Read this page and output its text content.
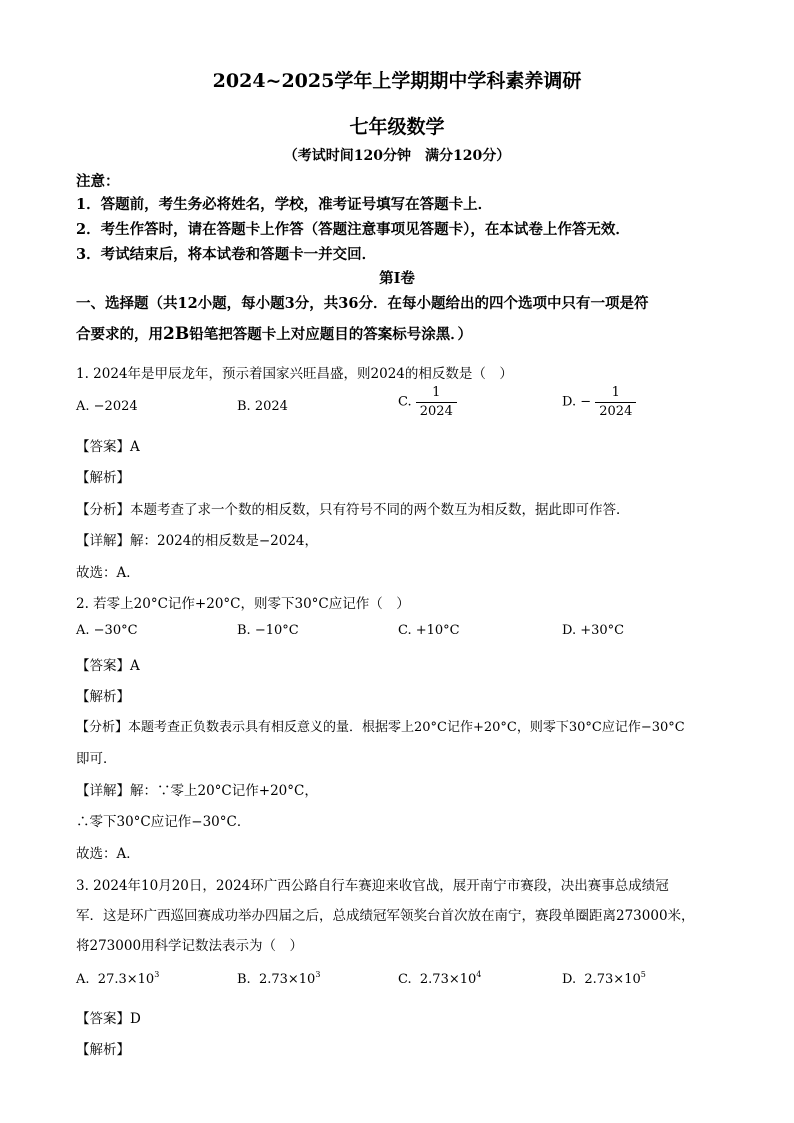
2024~2025学年上学期期中学科素养调研
七年级数学
（考试时间120分钟　满分120分）
注意：
1．答题前，考生务必将姓名，学校，准考证号填写在答题卡上．
2．考生作答时，请在答题卡上作答（答题注意事项见答题卡），在本试卷上作答无效．
3．考试结束后，将本试卷和答题卡一并交回．
第Ⅰ卷
一、选择题（共12小题，每小题3分，共36分．在每小题给出的四个选项中只有一项是符
合要求的，用2B铅笔把答题卡上对应题目的答案标号涂黑．）
1. 2024年是甲辰龙年，预示着国家兴旺昌盛，则2024的相反数是（　）
A. −2024	B. 2024	C. $\frac{1}{2024}$	D. − $\frac{1}{2024}$
【答案】A
【解析】
【分析】本题考查了求一个数的相反数，只有符号不同的两个数互为相反数，据此即可作答．
【详解】解：2024的相反数是−2024，
故选：A．
2. 若零上20°C记作+20°C，则零下30°C应记作（　）
A. −30°C	B. −10°C	C. +10°C	D. +30°C
【答案】A
【解析】
【分析】本题考查正负数表示具有相反意义的量．根据零上20°C记作+20°C，则零下30°C应记作−30°C
即可．
【详解】解：∵零上20°C记作+20°C，
∴零下30°C应记作−30°C．
故选：A．
3. 2024年10月20日，2024环广西公路自行车赛迎来收官战，展开南宁市赛段，决出赛事总成绩冠
军．这是环广西巡回赛成功举办四届之后，总成绩冠军领奖台首次放在南宁，赛段单圈距离273000米，
将273000用科学记数法表示为（　）
A. $27.3\times 10^3$	B. $2.73\times 10^3$	C. $2.73\times 10^4$	D. $2.73\times 10^5$
【答案】D
【解析】
